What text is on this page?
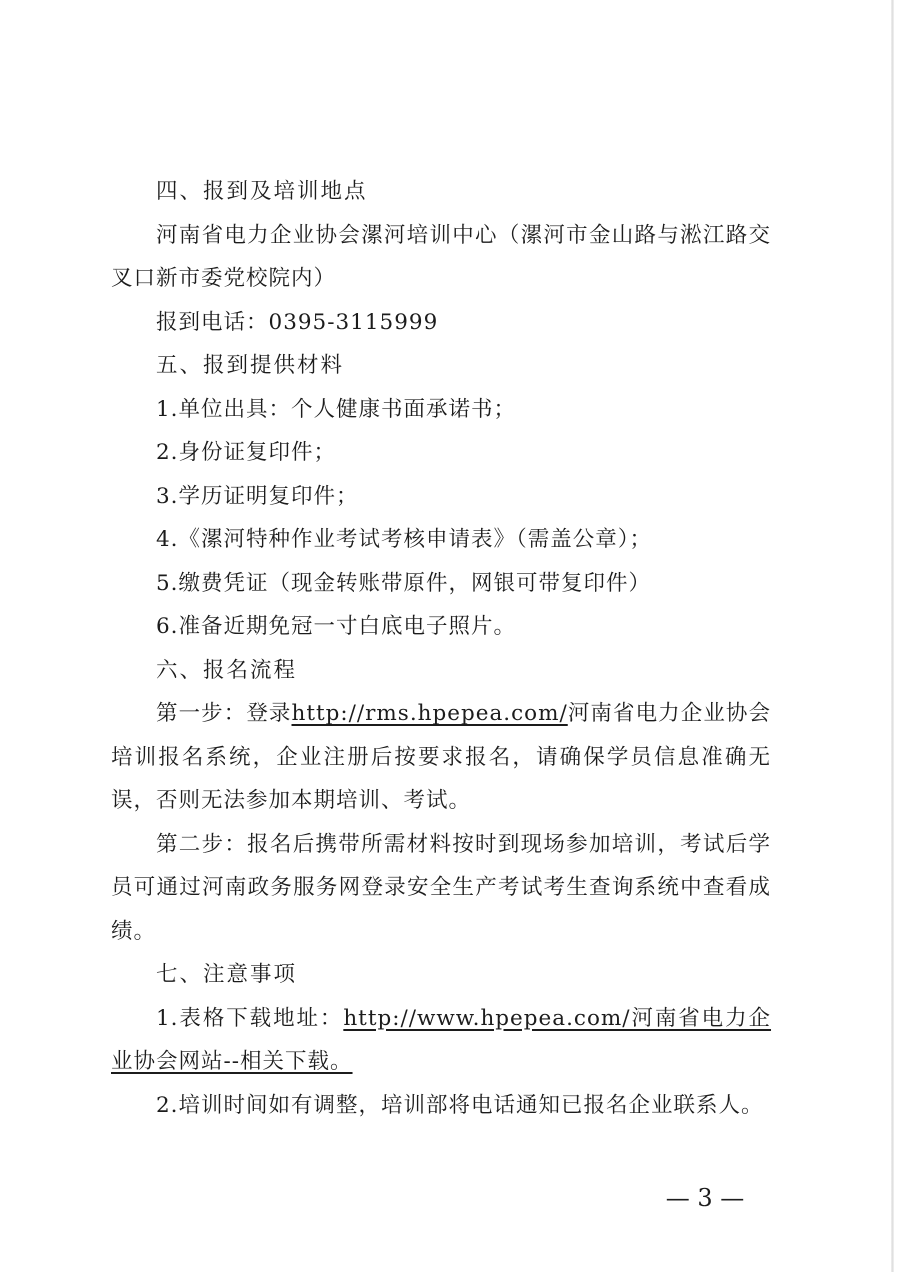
四、报到及培训地点

河南省电力企业协会漯河培训中心（漯河市金山路与淞江路交叉口新市委党校院内）

报到电话：0395-3115999

五、报到提供材料

1.单位出具：个人健康书面承诺书；

2.身份证复印件；

3.学历证明复印件；

4.《漯河特种作业考试考核申请表》（需盖公章）；

5.缴费凭证（现金转账带原件，网银可带复印件）

6.准备近期免冠一寸白底电子照片。

六、报名流程

第一步：登录http://rms.hpepea.com/河南省电力企业协会培训报名系统，企业注册后按要求报名，请确保学员信息准确无误，否则无法参加本期培训、考试。

第二步：报名后携带所需材料按时到现场参加培训，考试后学员可通过河南政务服务网登录安全生产考试考生查询系统中查看成绩。

七、注意事项

1.表格下载地址：http://www.hpepea.com/河南省电力企业协会网站--相关下载。

2.培训时间如有调整，培训部将电话通知已报名企业联系人。

— 3 —
